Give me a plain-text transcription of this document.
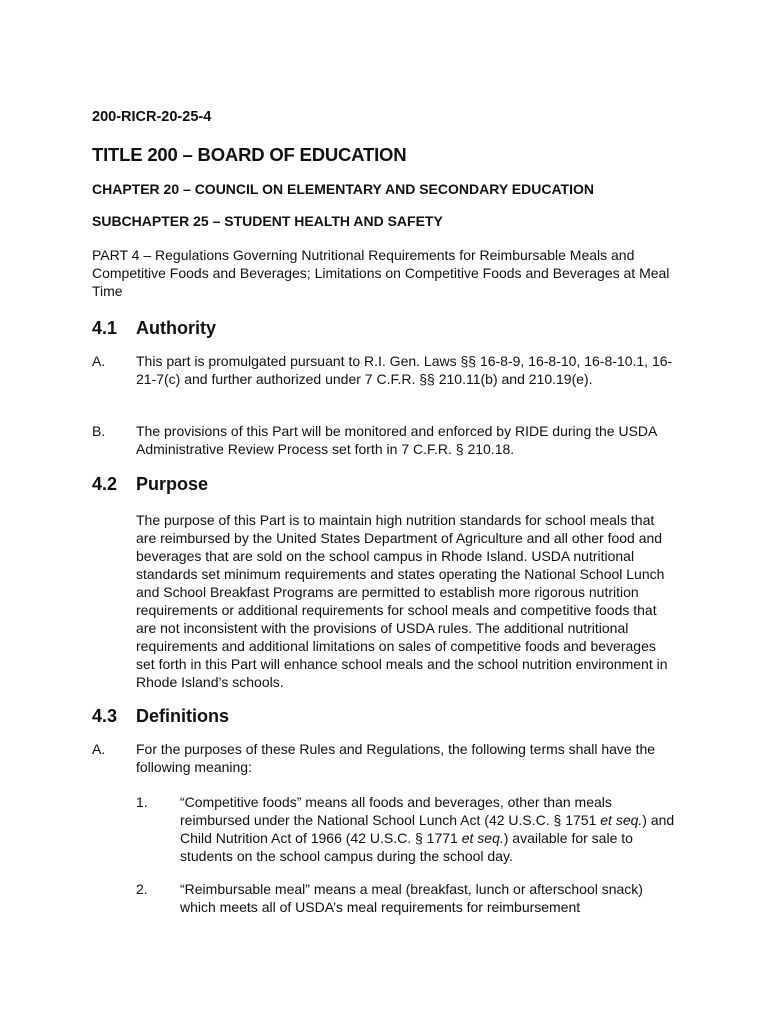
200-RICR-20-25-4
TITLE 200 – BOARD OF EDUCATION
CHAPTER 20 – COUNCIL ON ELEMENTARY AND SECONDARY EDUCATION
SUBCHAPTER 25 – STUDENT HEALTH AND SAFETY
PART 4 – Regulations Governing Nutritional Requirements for Reimbursable Meals and Competitive Foods and Beverages; Limitations on Competitive Foods and Beverages at Meal Time
4.1	Authority
A.	This part is promulgated pursuant to R.I. Gen. Laws §§ 16-8-9, 16-8-10, 16-8-10.1, 16-21-7(c) and further authorized under 7 C.F.R. §§ 210.11(b) and 210.19(e).
B.	The provisions of this Part will be monitored and enforced by RIDE during the USDA Administrative Review Process set forth in 7 C.F.R. § 210.18.
4.2	Purpose
The purpose of this Part is to maintain high nutrition standards for school meals that are reimbursed by the United States Department of Agriculture and all other food and beverages that are sold on the school campus in Rhode Island. USDA nutritional standards set minimum requirements and states operating the National School Lunch and School Breakfast Programs are permitted to establish more rigorous nutrition requirements or additional requirements for school meals and competitive foods that are not inconsistent with the provisions of USDA rules. The additional nutritional requirements and additional limitations on sales of competitive foods and beverages set forth in this Part will enhance school meals and the school nutrition environment in Rhode Island’s schools.
4.3	Definitions
A.	For the purposes of these Rules and Regulations, the following terms shall have the following meaning:
1.	“Competitive foods” means all foods and beverages, other than meals reimbursed under the National School Lunch Act (42 U.S.C. § 1751 et seq.) and Child Nutrition Act of 1966 (42 U.S.C. § 1771 et seq.) available for sale to students on the school campus during the school day.
2.	“Reimbursable meal” means a meal (breakfast, lunch or afterschool snack) which meets all of USDA’s meal requirements for reimbursement
